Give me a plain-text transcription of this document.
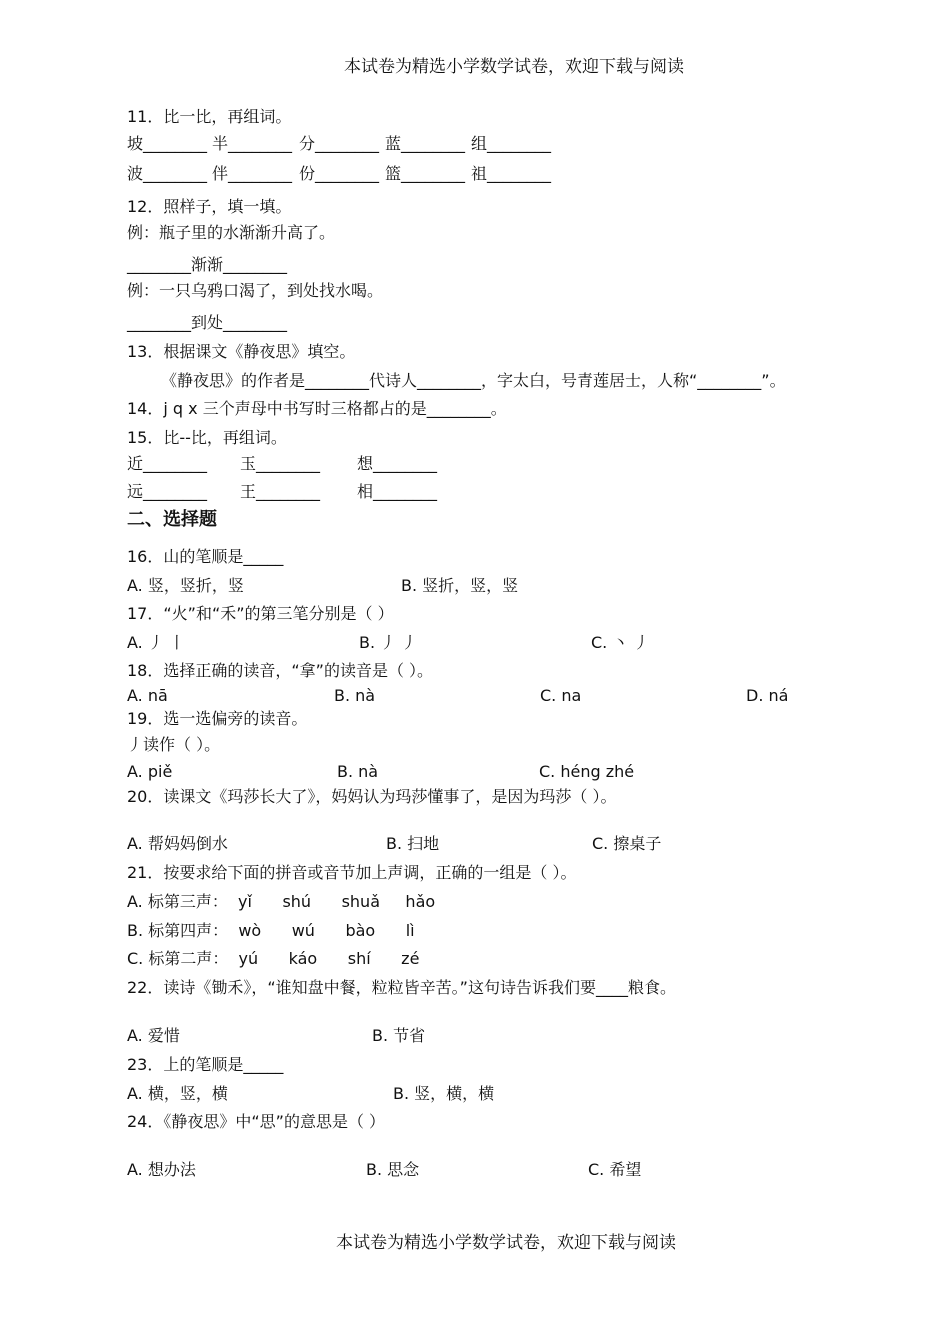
本试卷为精选小学数学试卷，欢迎下载与阅读
11．比一比，再组词。
坡________ 半________ 分________ 蓝________ 组________
波________ 伴________ 份________ 篮________ 祖________
12．照样子，填一填。
例：瓶子里的水渐渐升高了。
________渐渐________
例：一只乌鸦口渴了，到处找水喝。
________到处________
13．根据课文《静夜思》填空。
《静夜思》的作者是________代诗人________，字太白，号青莲居士，人称“________”。
14．j q x 三个声母中书写时三格都占的是________。
15．比--比，再组词。
近________ 玉________ 想________
远________ 王________ 相________
二、选择题
16．山的笔顺是_____
A. 竖，竖折，竖	B. 竖折，竖，竖
17．“火”和“禾”的第三笔分别是（ ）
A. 丿 丨	B. 丿 丿	C. 丶 丿
18．选择正确的读音，“拿”的读音是（ ）。
A. nā	B. nà	C. na	D. ná
19．选一选偏旁的读音。
丿读作（ ）。
A. piě	B. nà	C. héng zhé
20．读课文《玛莎长大了》，妈妈认为玛莎懂事了，是因为玛莎（ ）。
A. 帮妈妈倒水	B. 扫地	C. 擦桌子
21．按要求给下面的拼音或音节加上声调，正确的一组是（ ）。
A. 标第三声：  yǐ      shú      shuǎ     hǎo
B. 标第四声：  wò      wú      bào      lì
C. 标第二声：  yú      káo      shí      zé
22．读诗《锄禾》，“谁知盘中餐，粒粒皆辛苦。”这句诗告诉我们要____粮食。
A. 爱惜	B. 节省
23．上的笔顺是_____
A. 横，竖，横	B. 竖，横，横
24．《静夜思》中“思”的意思是（ ）
A. 想办法	B. 思念	C. 希望
本试卷为精选小学数学试卷，欢迎下载与阅读
